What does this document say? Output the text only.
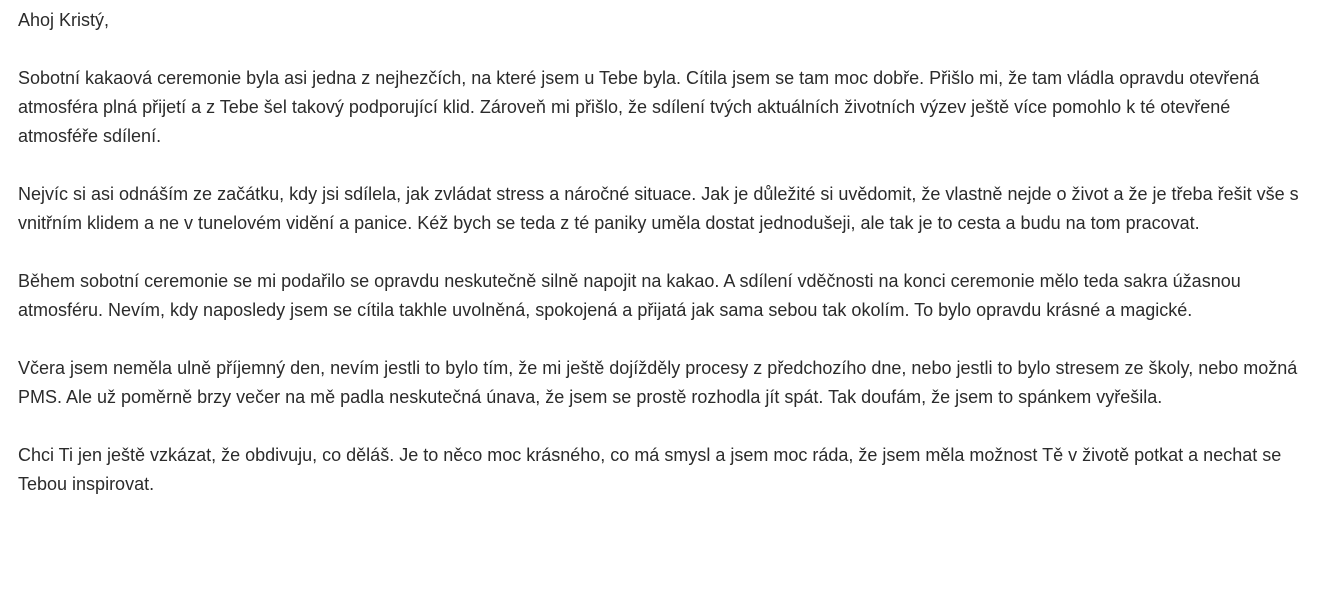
Ahoj Kristý,

Sobotní kakaová ceremonie byla asi jedna z nejhezčích, na které jsem u Tebe byla. Cítila jsem se tam moc dobře. Přišlo mi, že tam vládla opravdu otevřená atmosféra plná přijetí a z Tebe šel takový podporující klid. Zároveň mi přišlo, že sdílení tvých aktuálních životních výzev ještě více pomohlo k té otevřené atmosféře sdílení.

Nejvíc si asi odnáším ze začátku, kdy jsi sdílela, jak zvládat stress a náročné situace. Jak je důležité si uvědomit, že vlastně nejde o život a že je třeba řešit vše s vnitřním klidem a ne v tunelovém vidění a panice. Kéž bych se teda z té paniky uměla dostat jednodušeji, ale tak je to cesta a budu na tom pracovat.

Během sobotní ceremonie se mi podařilo se opravdu neskutečně silně napojit na kakao. A sdílení vděčnosti na konci ceremonie mělo teda sakra úžasnou atmosféru. Nevím, kdy naposledy jsem se cítila takhle uvolněná, spokojená a přijatá jak sama sebou tak okolím. To bylo opravdu krásné a magické.

Včera jsem neměla ulně příjemný den, nevím jestli to bylo tím, že mi ještě dojížděly procesy z předchozího dne, nebo jestli to bylo stresem ze školy, nebo možná PMS. Ale už poměrně brzy večer na mě padla neskutečná únava, že jsem se prostě rozhodla jít spát. Tak doufám, že jsem to spánkem vyřešila.

Chci Ti jen ještě vzkázat, že obdivuju, co děláš. Je to něco moc krásného, co má smysl a jsem moc ráda, že jsem měla možnost Tě v životě potkat a nechat se Tebou inspirovat.
